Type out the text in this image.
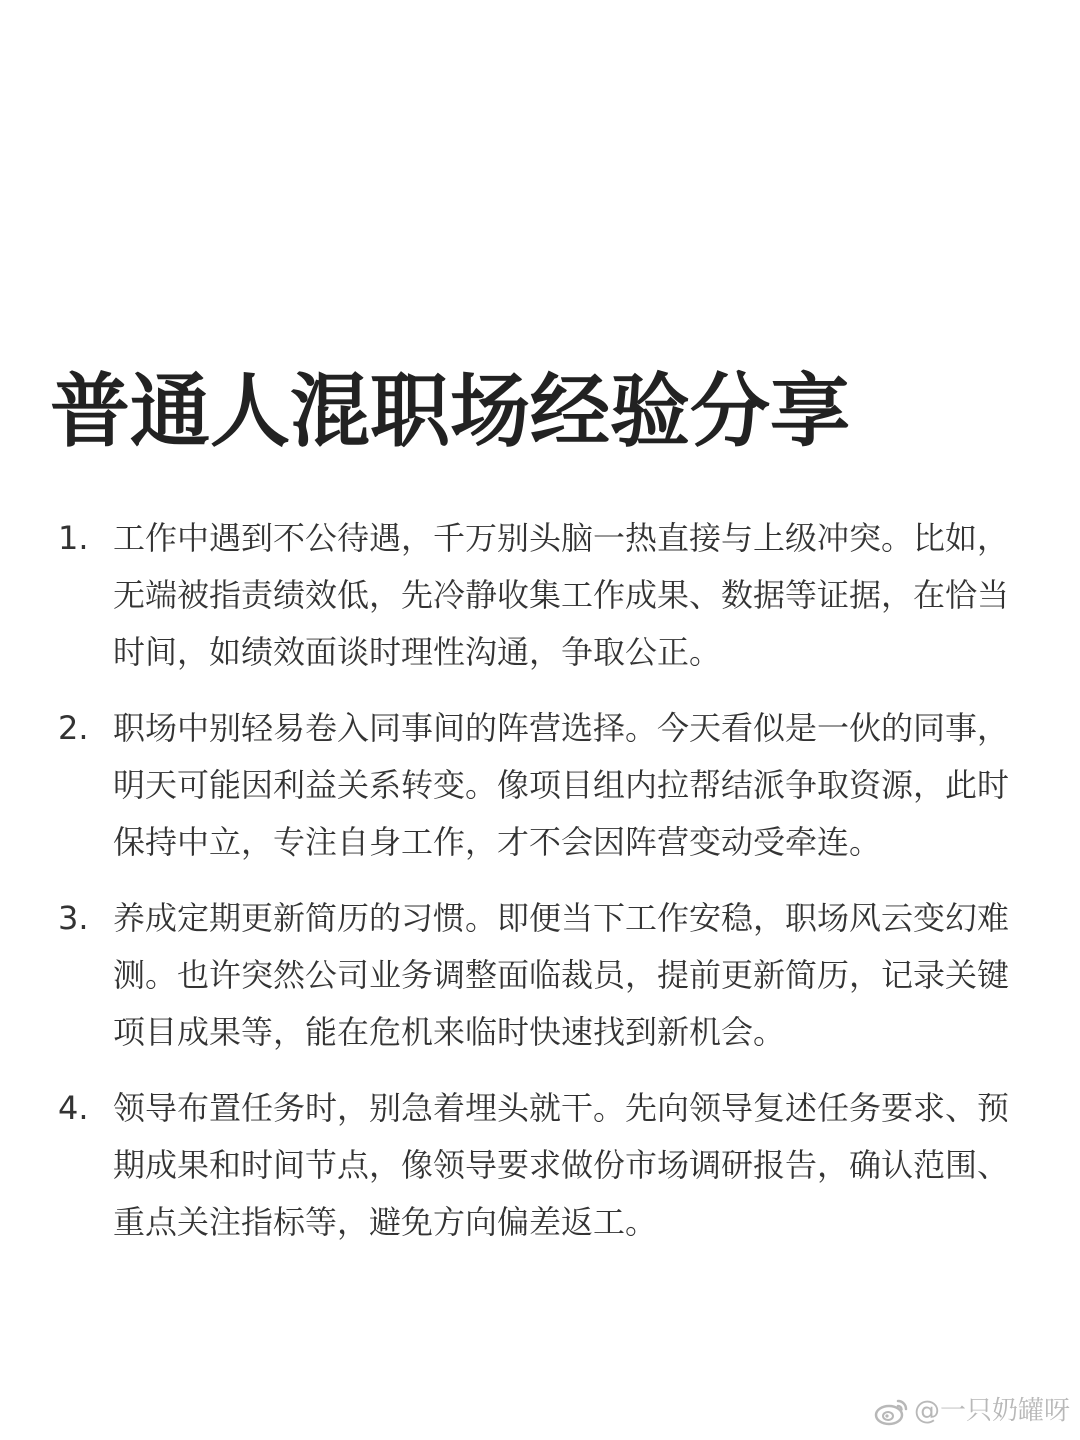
普通人混职场经验分享
1. 工作中遇到不公待遇，千万别头脑一热直接与上级冲突。比如，无端被指责绩效低，先冷静收集工作成果、数据等证据，在恰当时间，如绩效面谈时理性沟通，争取公正。
2. 职场中别轻易卷入同事间的阵营选择。今天看似是一伙的同事，明天可能因利益关系转变。像项目组内拉帮结派争取资源，此时保持中立，专注自身工作，才不会因阵营变动受牵连。
3. 养成定期更新简历的习惯。即便当下工作安稳，职场风云变幻难测。也许突然公司业务调整面临裁员，提前更新简历，记录关键项目成果等，能在危机来临时快速找到新机会。
4. 领导布置任务时，别急着埋头就干。先向领导复述任务要求、预期成果和时间节点，像领导要求做份市场调研报告，确认范围、重点关注指标等，避免方向偏差返工。
@一只奶罐呀
